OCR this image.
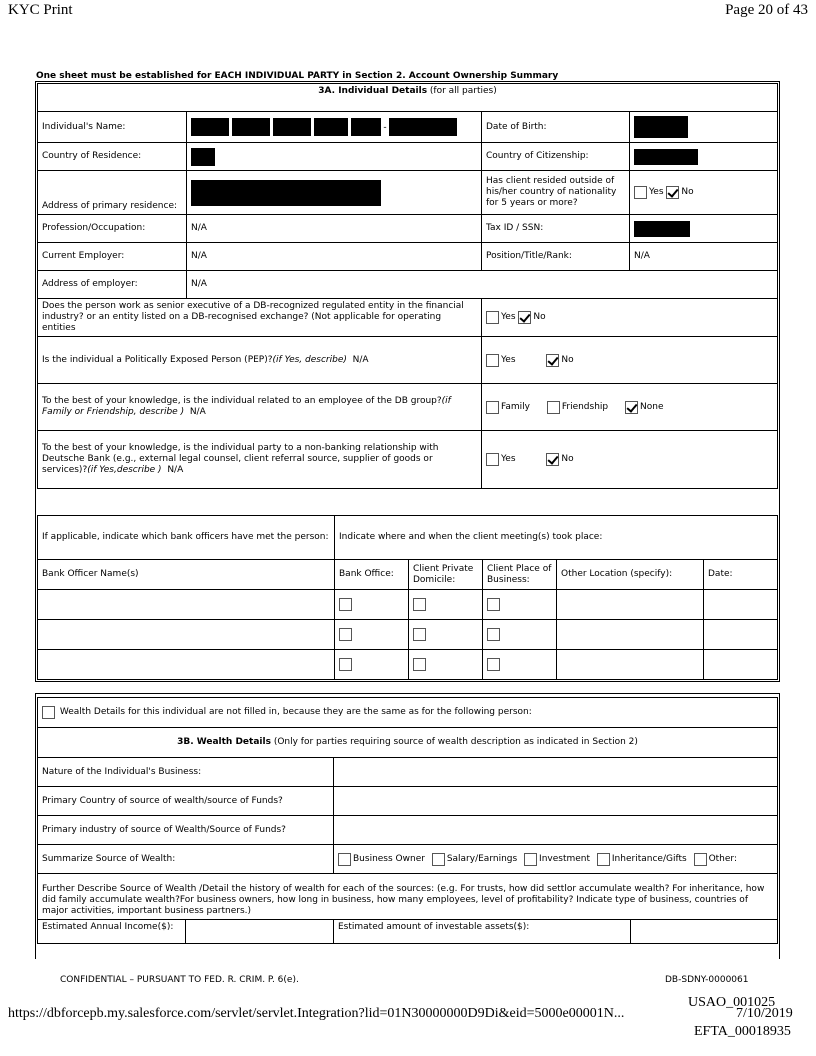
KYC Print	Page 20 of 43
One sheet must be established for EACH INDIVIDUAL PARTY in Section 2. Account Ownership Summary
3A. Individual Details (for all parties)			
Individual's Name:	-	Date of Birth:	
Country of Residence:		Country of Citizenship:	
Address of primary residence:		Has client resided outside of his/her country of nationality for 5 years or more?	Yes No
Profession/Occupation:	N/A	Tax ID / SSN:	
Current Employer:	N/A	Position/Title/Rank:	N/A
Address of employer:	N/A		
Does the person work as senior executive of a DB-recognized regulated entity in the financial industry? or an entity listed on a DB-recognised exchange? (Not applicable for operating entities		Yes No	
Is the individual a Politically Exposed Person (PEP)?(if Yes, describe) N/A		Yes No	
To the best of your knowledge, is the individual related to an employee of the DB group?(if Family or Friendship, describe ) N/A		Family Friendship None	
To the best of your knowledge, is the individual party to a non-banking relationship with Deutsche Bank (e.g., external legal counsel, client referral source, supplier of goods or services)?(if Yes,describe ) N/A		Yes No	
If applicable, indicate which bank officers have met the person:	Indicate where and when the client meeting(s) took place:				
Bank Officer Name(s)	Bank Office:	Client Private Domicile:	Client Place of Business:	Other Location (specify):	Date:

Wealth Details for this individual are not filled in, because they are the same as for the following person:			
3B. Wealth Details (Only for parties requiring source of wealth description as indicated in Section 2)			
Nature of the Individual's Business:			
Primary Country of source of wealth/source of Funds?			
Primary industry of source of Wealth/Source of Funds?			
Summarize Source of Wealth:		Business Owner Salary/Earnings Investment Inheritance/Gifts Other:	
Further Describe Source of Wealth /Detail the history of wealth for each of the sources: (e.g. For trusts, how did settlor accumulate wealth? For inheritance, how did family accumulate wealth?For business owners, how long in business, how many employees, level of profitability? Indicate type of business, countries of major activities, important business partners.)			
Estimated Annual Income($):		Estimated amount of investable assets($):	
CONFIDENTIAL – PURSUANT TO FED. R. CRIM. P. 6(e).	DB-SDNY-0000061
USAO_001025
https://dbforcepb.my.salesforce.com/servlet/servlet.Integration?lid=01N30000000D9Di&eid=5000e00001N...	7/10/2019
EFTA_00018935
